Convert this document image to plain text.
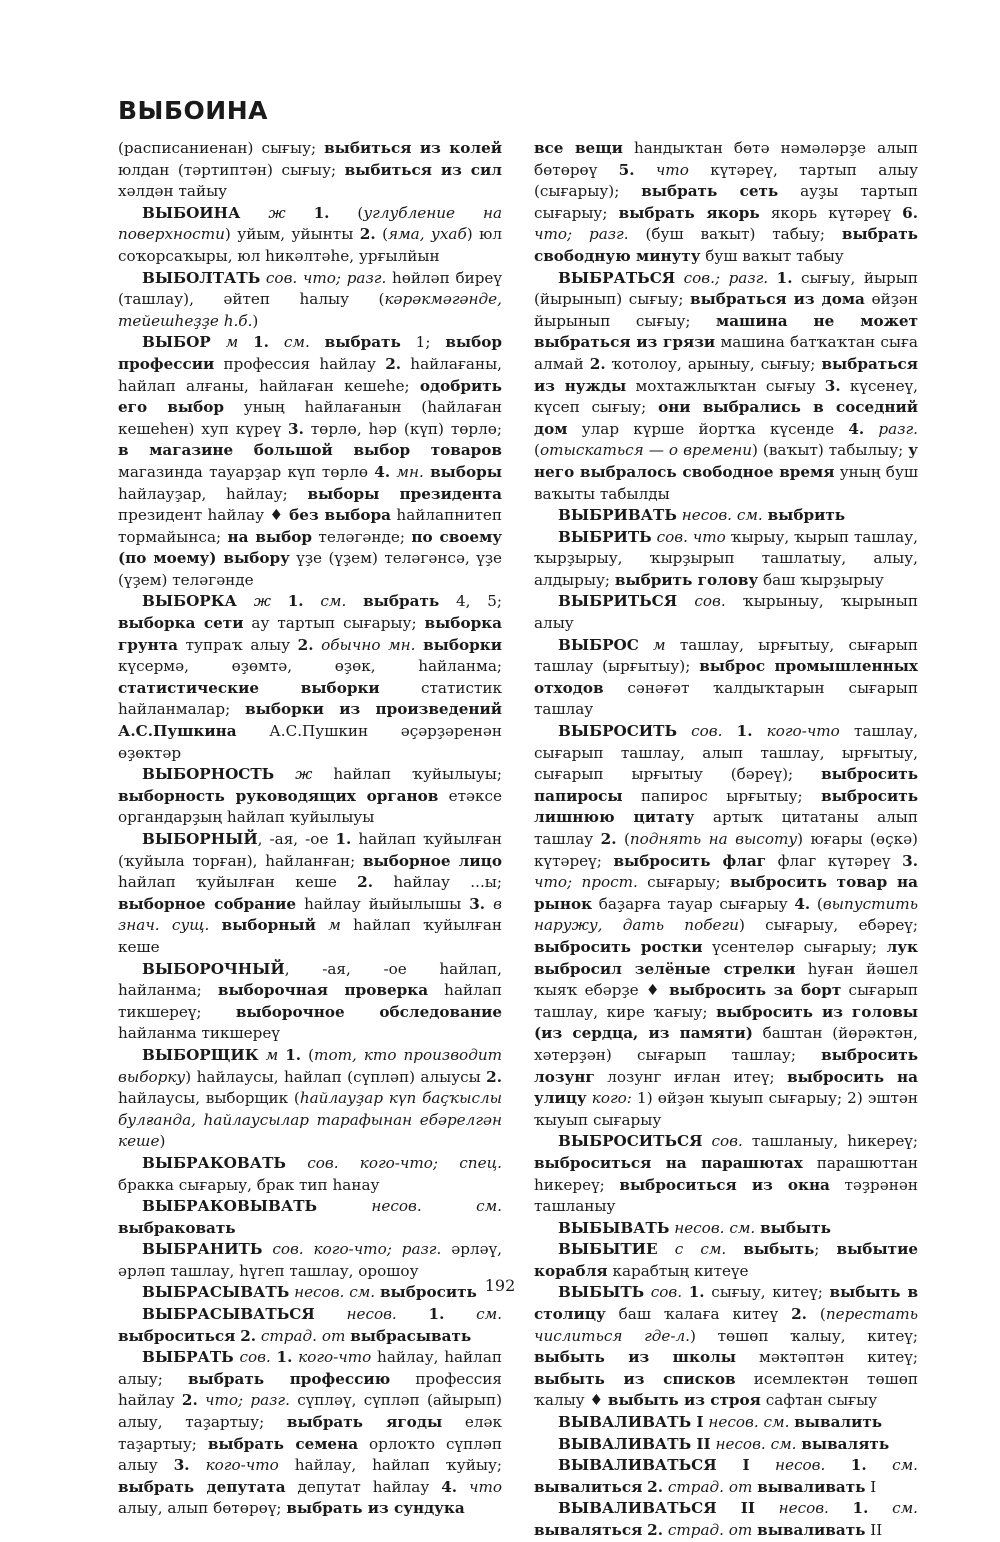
ВЫБОИНА

(расписаниенан) сығыу; выбиться из колей юлдан (тәртиптән) сығыу; выбиться из сил хәлдән тайыу

ВЫБОИНА ж 1. (углубление на поверхности) уйым, уйынты 2. (яма, ухаб) юл соҡорсаҡыры, юл һикәлтәһе, урғылйын

ВЫБОЛТАТЬ сов. что; разг. һөйләп биреү (ташлау), әйтеп һалыу (кәрәкмәгәнде, тейешһеҙҙе һ.б.)

ВЫБОР м 1. см. выбрать 1; выбор профессии профессия һайлау 2. һайлағаны, һайлап алғаны, һайлаған кешеһе; одобрить его выбор уның һайлағанын (һайлаған кешеһен) хуп күреү 3. төрлө, һәр (күп) төрлө; в магазине большой выбор товаров магазинда тауарҙар күп төрлө 4. мн. выборы һайлауҙар, һайлау; выборы президента президент һайлау ♦ без выбора һайлапнитеп тормайынса; на выбор теләгәнде; по своему (по моему) выбору үҙе (үҙем) теләгәнсә, үҙе (үҙем) теләгәнде

ВЫБОРКА ж 1. см. выбрать 4, 5; выборка сети ау тартып сығарыу; выборка грунта тупраҡ алыу 2. обычно мн. выборки күсермә, өҙөмтә, өҙөк, һайланма; статистические выборки статистик һайланмалар; выборки из произведений А.С.Пушкина А.С.Пушкин әҫәрҙәренән өҙөктәр

ВЫБОРНОСТЬ ж һайлап ҡуйылыуы; выборность руководящих органов етәксе органдарҙың һайлап ҡуйылыуы

ВЫБОРНЫЙ, -ая, -ое 1. һайлап ҡуйылған (ҡуйыла торған), һайланған; выборное лицо һайлап ҡуйылған кеше 2. һайлау ...ы; выборное собрание һайлау йыйылышы 3. в знач. сущ. выборный м һайлап ҡуйылған кеше

ВЫБОРОЧНЫЙ, -ая, -ое һайлап, һайланма; выборочная проверка һайлап тикшереү; выборочное обследование һайланма тикшереү

ВЫБОРЩИК м 1. (тот, кто производит выборку) һайлаусы, һайлап (сүпләп) алыусы 2. һайлаусы, выборщик (һайлауҙар күп баҫҡыслы булғанда, һайлаусылар тарафынан ебәрелгән кеше)

ВЫБРАКОВАТЬ сов. кого-что; спец. бракка сығарыу, брак тип һанау

ВЫБРАКОВЫВАТЬ	несов. см. выбраковать

ВЫБРАНИТЬ сов. кого-что; разг. әрләү, әрләп ташлау, һүгеп ташлау, орошоу

ВЫБРАСЫВАТЬ несов. см. выбросить

ВЫБРАСЫВАТЬСЯ несов. 1. см. выброситься 2. страд. от выбрасывать

ВЫБРАТЬ сов. 1. кого-что һайлау, һайлап алыу; выбрать профессию профессия һайлау 2. что; разг. сүпләү, сүпләп (айырып) алыу, таҙартыу; выбрать ягоды еләк таҙартыу; выбрать семена орлоҡто сүпләп алыу 3. кого-что һайлау, һайлап ҡуйыу; выбрать депутата депутат һайлау 4. что алыу, алып бөтөрөү; выбрать из сундука

все вещи һандыҡтан бөтә нәмәләрҙе алып бөтөрөү 5. что күтәреү, тартып алыу (сығарыу); выбрать сеть ауҙы тартып сығарыу; выбрать якорь якорь күтәреү 6. что; разг. (буш ваҡыт) табыу; выбрать свободную минуту буш ваҡыт табыу

ВЫБРАТЬСЯ сов.; разг. 1. сығыу, йырып (йырынып) сығыу; выбраться из дома өйҙән йырынып сығыу; машина не может выбраться из грязи машина батҡаҡтан сыға алмай 2. ҡотолоу, арыныу, сығыу; выбраться из нужды мохтажлыҡтан сығыу 3. күсенеү, күсеп сығыу; они выбрались в соседний дом улар күрше йортҡа күсенде 4. разг. (отыскаться — о времени) (ваҡыт) табылыу; у него выбралось свободное время уның буш ваҡыты табылды

ВЫБРИВАТЬ несов. см. выбрить

ВЫБРИТЬ сов. что ҡырыу, ҡырып ташлау, ҡырҙырыу, ҡырҙырып ташлатыу, алыу, алдырыу; выбрить голову баш ҡырҙырыу

ВЫБРИТЬСЯ сов. ҡырыныу, ҡырынып алыу

ВЫБРОС м ташлау, ырғытыу, сығарып ташлау (ырғытыу); выброс промышленных отходов сәнәғәт ҡалдыҡтарын сығарып ташлау

ВЫБРОСИТЬ сов. 1. кого-что ташлау, сығарып ташлау, алып ташлау, ырғытыу, сығарып ырғытыу (бәреү); выбросить папиросы папирос ырғытыу; выбросить лишнюю цитату артыҡ цитатаны алып ташлау 2. (поднять на высоту) юғары (өҫкә) күтәреү; выбросить флаг флаг күтәреү 3. что; прост. сығарыу; выбросить товар на рынок баҙарға тауар сығарыу 4. (выпустить наружу, дать побеги) сығарыу, ебәреү; выбросить ростки үсентеләр сығарыу; лук выбросил зелёные стрелки һуған йәшел ҡыяҡ ебәрҙе ♦ выбросить за борт сығарып ташлау, кире ҡағыу; выбросить из головы (из сердца, из памяти) баштан (йөрәктән, хәтерҙән) сығарып ташлау; выбросить лозунг лозунг иғлан итеү; выбросить на улицу кого: 1) өйҙән ҡыуып сығарыу; 2) эштән ҡыуып сығарыу

ВЫБРОСИТЬСЯ сов. ташланыу, һикереү; выброситься на парашютах парашюттан һикереү; выброситься из окна тәҙрәнән ташланыу

ВЫБЫВАТЬ несов. см. выбыть

ВЫБЫТИЕ с см. выбыть; выбытие корабля карабтың китеүе

ВЫБЫТЬ сов. 1. сығыу, китеү; выбыть в столицу баш ҡалаға китеү 2. (перестать числиться где-л.) төшөп ҡалыу, китеү; выбыть из школы мәктәптән китеү; выбыть из списков исемлектән төшөп ҡалыу ♦ выбыть из строя сафтан сығыу

ВЫВАЛИВАТЬ I несов. см. вывалить

ВЫВАЛИВАТЬ II несов. см. вывалять

ВЫВАЛИВАТЬСЯ I несов. 1. см. вывалиться 2. страд. от вываливать I

ВЫВАЛИВАТЬСЯ II несов. 1. см. вываляться 2. страд. от вываливать II

192
